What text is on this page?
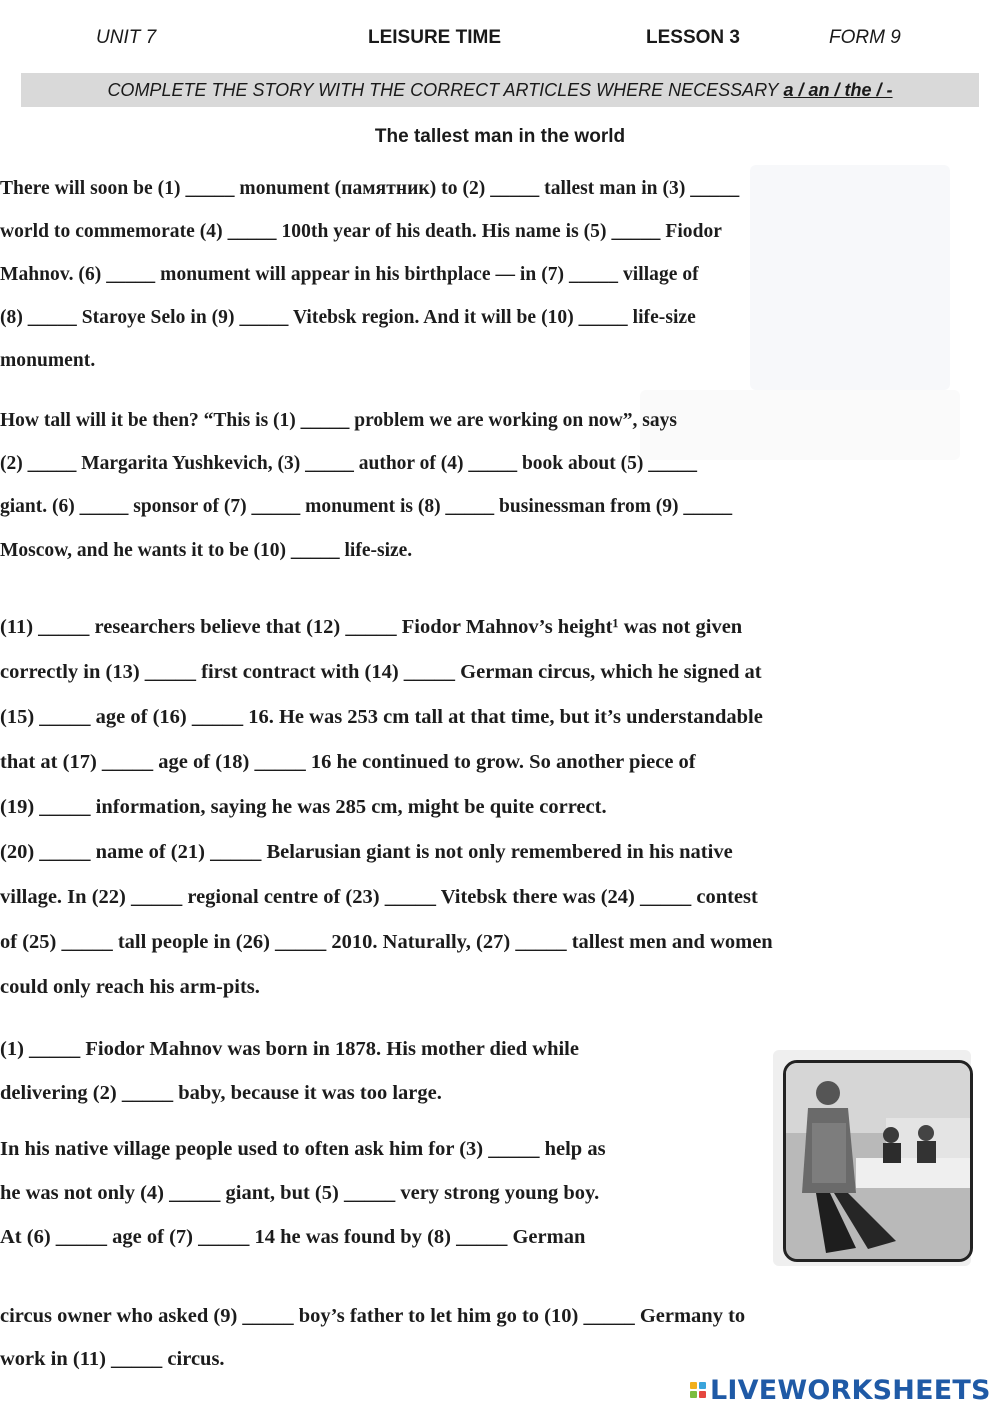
UNIT 7	LEISURE TIME	LESSON 3	FORM 9
COMPLETE THE STORY WITH THE CORRECT ARTICLES WHERE NECESSARY a / an / the / -
The tallest man in the world
There will soon be (1) _____ monument (памятник) to (2) _____ tallest man in (3) _____
world to commemorate (4) _____ 100th year of his death. His name is (5) _____ Fiodor
Mahnov. (6) _____ monument will appear in his birthplace — in (7) _____ village of
(8) _____ Staroye Selo in (9) _____ Vitebsk region. And it will be (10) _____ life-size
monument.
How tall will it be then? “This is (1) _____ problem we are working on now”, says
(2) _____ Margarita Yushkevich, (3) _____ author of (4) _____ book about (5) _____
giant. (6) _____ sponsor of (7) _____ monument is (8) _____ businessman from (9) _____
Moscow, and he wants it to be (10) _____ life-size.
(11) _____ researchers believe that (12) _____ Fiodor Mahnov’s height¹ was not given
correctly in (13) _____ first contract with (14) _____ German circus, which he signed at
(15) _____ age of (16) _____ 16. He was 253 cm tall at that time, but it’s understandable
that at (17) _____ age of (18) _____ 16 he continued to grow. So another piece of
(19) _____ information, saying he was 285 cm, might be quite correct.
(20) _____ name of (21) _____ Belarusian giant is not only remembered in his native
village. In (22) _____ regional centre of (23) _____ Vitebsk there was (24) _____ contest
of (25) _____ tall people in (26) _____ 2010. Naturally, (27) _____ tallest men and women
could only reach his arm-pits.
(1) _____ Fiodor Mahnov was born in 1878. His mother died while
delivering (2) _____ baby, because it was too large.
In his native village people used to often ask him for (3) _____ help as
he was not only (4) _____ giant, but (5) _____ very strong young boy.
At (6) _____ age of (7) _____ 14 he was found by (8) _____ German
circus owner who asked (9) _____ boy’s father to let him go to (10) _____ Germany to
work in (11) _____ circus.
LIVEWORKSHEETS
